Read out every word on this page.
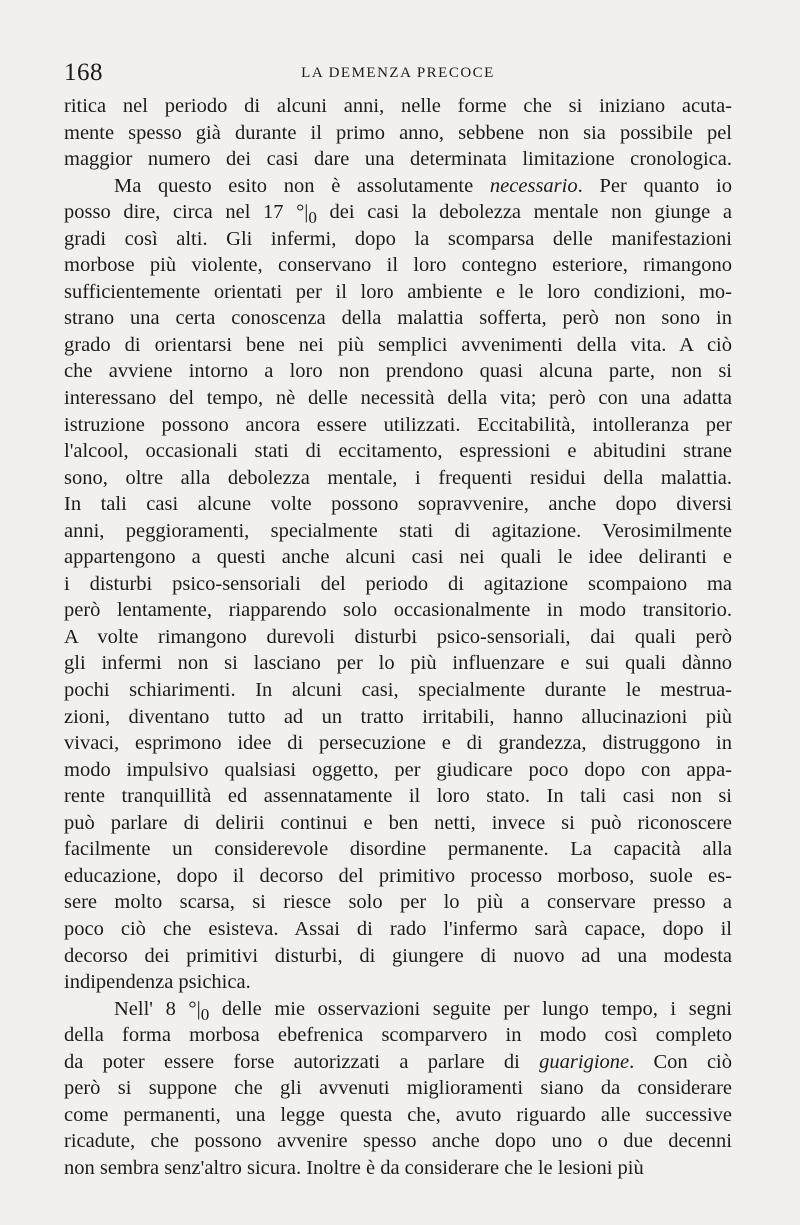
168	LA DEMENZA PRECOCE
ritica nel periodo di alcuni anni, nelle forme che si iniziano acuta-
mente spesso già durante il primo anno, sebbene non sia possibile pel
maggior numero dei casi dare una determinata limitazione cronologica.
Ma questo esito non è assolutamente necessario. Per quanto io
posso dire, circa nel 17 $^\circ|_0$ dei casi la debolezza mentale non giunge a
gradi così alti. Gli infermi, dopo la scomparsa delle manifestazioni
morbose più violente, conservano il loro contegno esteriore, rimangono
sufficientemente orientati per il loro ambiente e le loro condizioni, mo-
strano una certa conoscenza della malattia sofferta, però non sono in
grado di orientarsi bene nei più semplici avvenimenti della vita. A ciò
che avviene intorno a loro non prendono quasi alcuna parte, non si
interessano del tempo, nè delle necessità della vita; però con una adatta
istruzione possono ancora essere utilizzati. Eccitabilità, intolleranza per
l'alcool, occasionali stati di eccitamento, espressioni e abitudini strane
sono, oltre alla debolezza mentale, i frequenti residui della malattia.
In tali casi alcune volte possono sopravvenire, anche dopo diversi
anni, peggioramenti, specialmente stati di agitazione. Verosimilmente
appartengono a questi anche alcuni casi nei quali le idee deliranti e
i disturbi psico-sensoriali del periodo di agitazione scompaiono ma
però lentamente, riapparendo solo occasionalmente in modo transitorio.
A volte rimangono durevoli disturbi psico-sensoriali, dai quali però
gli infermi non si lasciano per lo più influenzare e sui quali dànno
pochi schiarimenti. In alcuni casi, specialmente durante le mestrua-
zioni, diventano tutto ad un tratto irritabili, hanno allucinazioni più
vivaci, esprimono idee di persecuzione e di grandezza, distruggono in
modo impulsivo qualsiasi oggetto, per giudicare poco dopo con appa-
rente tranquillità ed assennatamente il loro stato. In tali casi non si
può parlare di delirii continui e ben netti, invece si può riconoscere
facilmente un considerevole disordine permanente. La capacità alla
educazione, dopo il decorso del primitivo processo morboso, suole es-
sere molto scarsa, si riesce solo per lo più a conservare presso a
poco ciò che esisteva. Assai di rado l'infermo sarà capace, dopo il
decorso dei primitivi disturbi, di giungere di nuovo ad una modesta
indipendenza psichica.
Nell' 8 $^\circ|_0$ delle mie osservazioni seguite per lungo tempo, i segni
della forma morbosa ebefrenica scomparvero in modo così completo
da poter essere forse autorizzati a parlare di guarigione. Con ciò
però si suppone che gli avvenuti miglioramenti siano da considerare
come permanenti, una legge questa che, avuto riguardo alle successive
ricadute, che possono avvenire spesso anche dopo uno o due decenni
non sembra senz'altro sicura. Inoltre è da considerare che le lesioni più
